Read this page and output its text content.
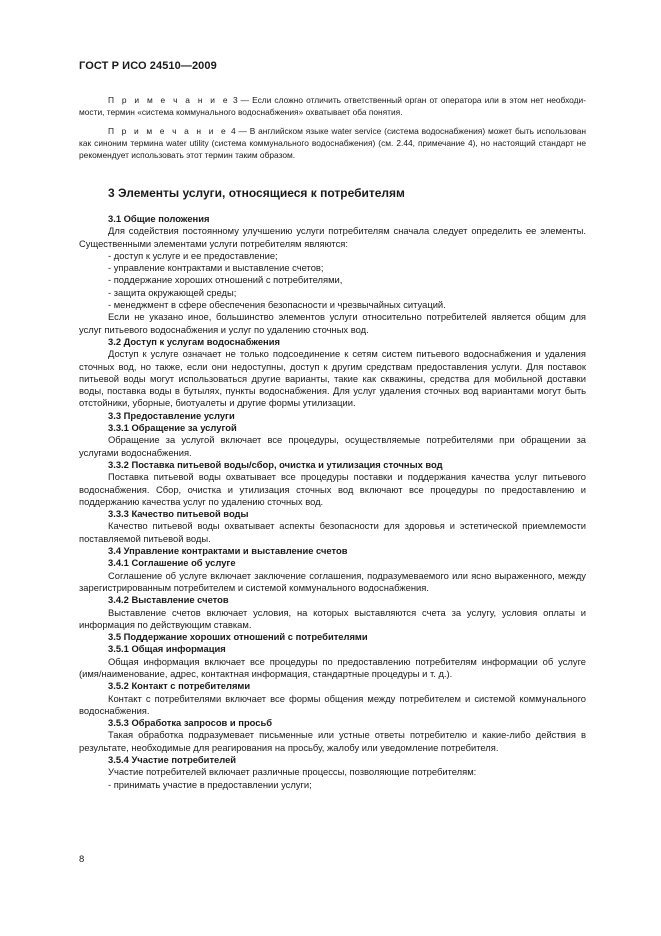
ГОСТ Р ИСО 24510—2009

П р и м е ч а н и е 3 — Если сложно отличить ответственный орган от оператора или в этом нет необходимости, термин «система коммунального водоснабжения» охватывает оба понятия.

П р и м е ч а н и е 4 — В английском языке water service (система водоснабжения) может быть использован как синоним термина water utility (система коммунального водоснабжения) (см. 2.44, примечание 4), но настоящий стандарт не рекомендует использовать этот термин таким образом.

3 Элементы услуги, относящиеся к потребителям

3.1 Общие положения

Для содействия постоянному улучшению услуги потребителям сначала следует определить ее элементы. Существенными элементами услуги потребителям являются:

- доступ к услуге и ее предоставление;

- управление контрактами и выставление счетов;

- поддержание хороших отношений с потребителями,

- защита окружающей среды;

- менеджмент в сфере обеспечения безопасности и чрезвычайных ситуаций.

Если не указано иное, большинство элементов услуги относительно потребителей является общим для услуг питьевого водоснабжения и услуг по удалению сточных вод.

3.2 Доступ к услугам водоснабжения

Доступ к услуге означает не только подсоединение к сетям систем питьевого водоснабжения и удаления сточных вод, но также, если они недоступны, доступ к другим средствам предоставления услуги. Для поставок питьевой воды могут использоваться другие варианты, такие как скважины, средства для мобильной доставки воды, поставка воды в бутылях, пункты водоснабжения. Для услуг удаления сточных вод вариантами могут быть отстойники, уборные, биотуалеты и другие формы утилизации.

3.3 Предоставление услуги

3.3.1 Обращение за услугой

Обращение за услугой включает все процедуры, осуществляемые потребителями при обращении за услугами водоснабжения.

3.3.2 Поставка питьевой воды/сбор, очистка и утилизация сточных вод

Поставка питьевой воды охватывает все процедуры поставки и поддержания качества услуг питьевого водоснабжения. Сбор, очистка и утилизация сточных вод включают все процедуры по предоставлению и поддержанию качества услуг по удалению сточных вод.

3.3.3 Качество питьевой воды

Качество питьевой воды охватывает аспекты безопасности для здоровья и эстетической приемлемости поставляемой питьевой воды.

3.4 Управление контрактами и выставление счетов

3.4.1 Соглашение об услуге

Соглашение об услуге включает заключение соглашения, подразумеваемого или ясно выраженного, между зарегистрированным потребителем и системой коммунального водоснабжения.

3.4.2 Выставление счетов

Выставление счетов включает условия, на которых выставляются счета за услугу, условия оплаты и информация по действующим ставкам.

3.5 Поддержание хороших отношений с потребителями

3.5.1 Общая информация

Общая информация включает все процедуры по предоставлению потребителям информации об услуге (имя/наименование, адрес, контактная информация, стандартные процедуры и т. д.).

3.5.2 Контакт с потребителями

Контакт с потребителями включает все формы общения между потребителем и системой коммунального водоснабжения.

3.5.3 Обработка запросов и просьб

Такая обработка подразумевает письменные или устные ответы потребителю и какие-либо действия в результате, необходимые для реагирования на просьбу, жалобу или уведомление потребителя.

3.5.4 Участие потребителей

Участие потребителей включает различные процессы, позволяющие потребителям:

- принимать участие в предоставлении услуги;

8
